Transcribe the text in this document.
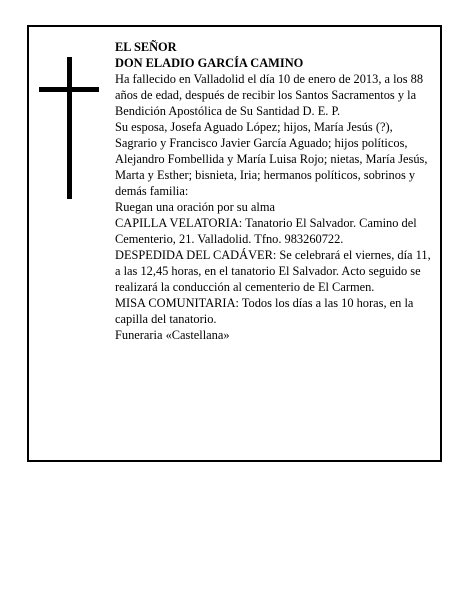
EL SEÑOR

DON ELADIO GARCÍA CAMINO

Ha fallecido en Valladolid el día 10 de enero de 2013, a los 88 años de edad, después de recibir los Santos Sacramentos y la Bendición Apostólica de Su Santidad D. E. P.

Su esposa, Josefa Aguado López; hijos, María Jesús (?), Sagrario y Francisco Javier García Aguado; hijos políticos, Alejandro Fombellida y María Luisa Rojo; nietas, María Jesús, Marta y Esther; bisnieta, Iria; hermanos políticos, sobrinos y demás familia:

Ruegan una oración por su alma

CAPILLA VELATORIA: Tanatorio El Salvador. Camino del Cementerio, 21. Valladolid. Tfno. 983260722.

DESPEDIDA DEL CADÁVER: Se celebrará el viernes, día 11, a las 12,45 horas, en el tanatorio El Salvador. Acto seguido se realizará la conducción al cementerio de El Carmen.

MISA COMUNITARIA: Todos los días a las 10 horas, en la capilla del tanatorio.

Funeraria «Castellana»
